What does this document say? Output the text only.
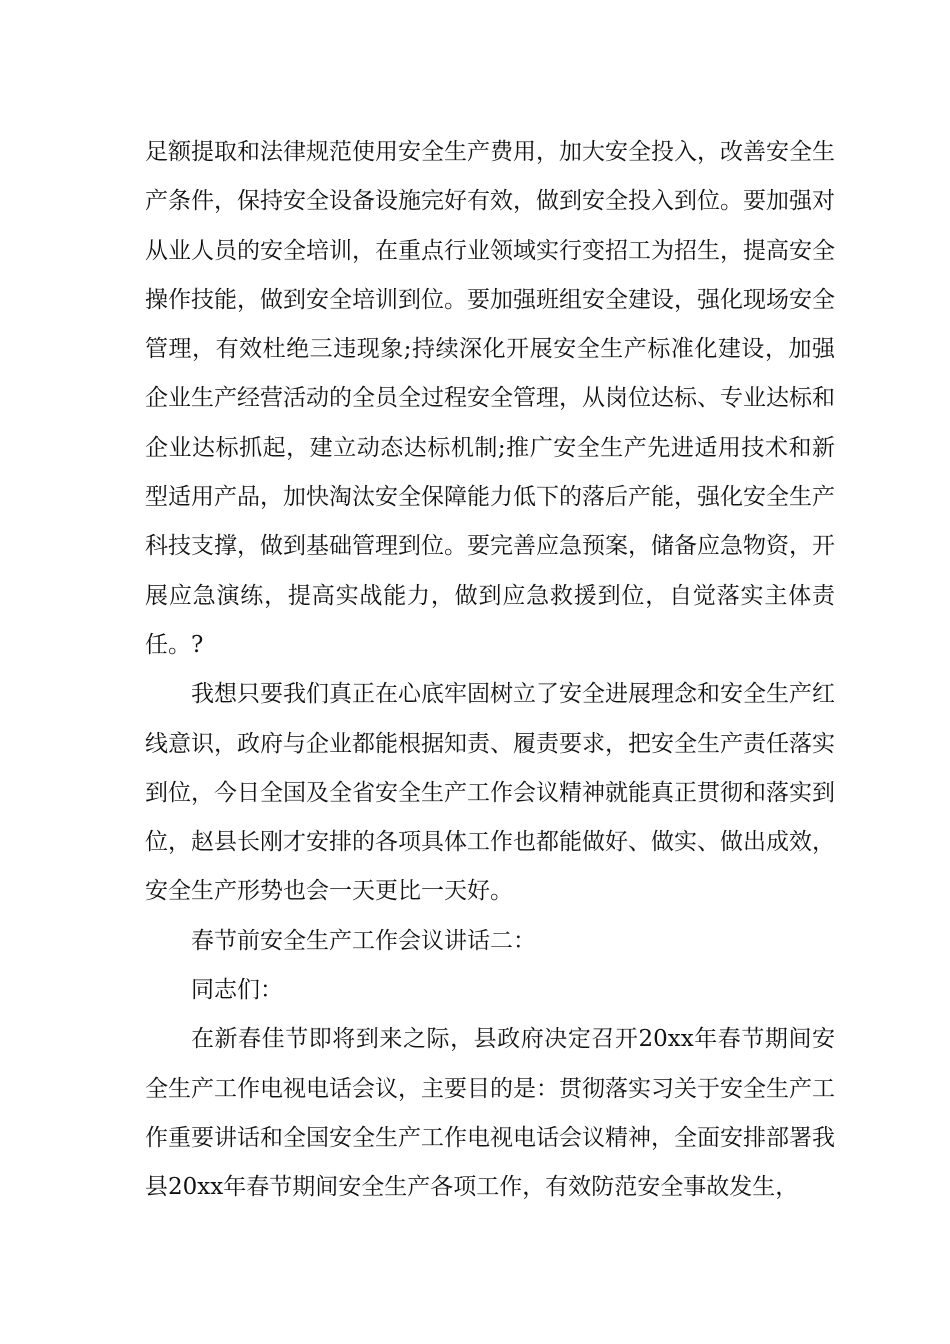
足额提取和法律规范使用安全生产费用，加大安全投入，改善安全生产条件，保持安全设备设施完好有效，做到安全投入到位。要加强对从业人员的安全培训，在重点行业领域实行变招工为招生，提高安全操作技能，做到安全培训到位。要加强班组安全建设，强化现场安全管理，有效杜绝三违现象;持续深化开展安全生产标准化建设，加强企业生产经营活动的全员全过程安全管理，从岗位达标、专业达标和企业达标抓起，建立动态达标机制;推广安全生产先进适用技术和新型适用产品，加快淘汰安全保障能力低下的落后产能，强化安全生产科技支撑，做到基础管理到位。要完善应急预案，储备应急物资，开展应急演练，提高实战能力，做到应急救援到位，自觉落实主体责任。?

我想只要我们真正在心底牢固树立了安全进展理念和安全生产红线意识，政府与企业都能根据知责、履责要求，把安全生产责任落实到位，今日全国及全省安全生产工作会议精神就能真正贯彻和落实到位，赵县长刚才安排的各项具体工作也都能做好、做实、做出成效，安全生产形势也会一天更比一天好。

春节前安全生产工作会议讲话二：

同志们：

在新春佳节即将到来之际，县政府决定召开20xx年春节期间安全生产工作电视电话会议，主要目的是：贯彻落实习关于安全生产工作重要讲话和全国安全生产工作电视电话会议精神，全面安排部署我县20xx年春节期间安全生产各项工作，有效防范安全事故发生，
